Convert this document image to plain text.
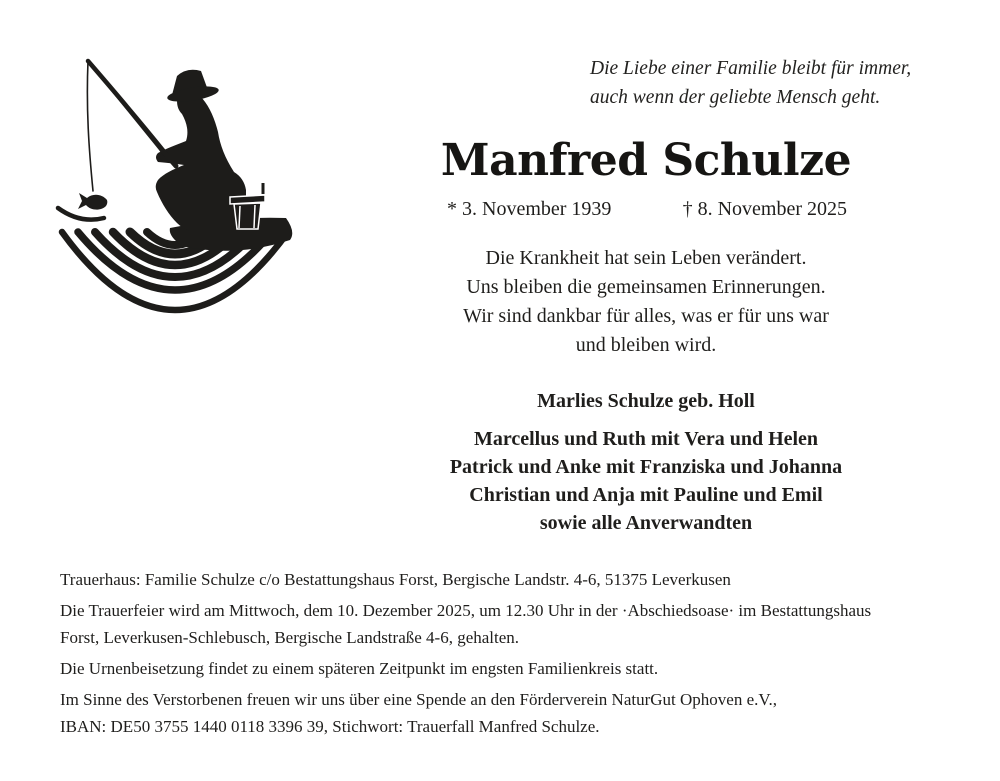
Die Liebe einer Familie bleibt für immer,
auch wenn der geliebte Mensch geht.
Manfred Schulze
* 3. November 1939	† 8. November 2025
Die Krankheit hat sein Leben verändert.
Uns bleiben die gemeinsamen Erinnerungen.
Wir sind dankbar für alles, was er für uns war
und bleiben wird.
Marlies Schulze geb. Holl
Marcellus und Ruth mit Vera und Helen
Patrick und Anke mit Franziska und Johanna
Christian und Anja mit Pauline und Emil
sowie alle Anverwandten

Trauerhaus: Familie Schulze c/o Bestattungshaus Forst, Bergische Landstr. 4-6, 51375 Leverkusen

Die Trauerfeier wird am Mittwoch, dem 10. Dezember 2025, um 12.30 Uhr in der ·Abschiedsoase· im Bestattungshaus
Forst, Leverkusen-Schlebusch, Bergische Landstraße 4-6, gehalten.

Die Urnenbeisetzung findet zu einem späteren Zeitpunkt im engsten Familienkreis statt.

Im Sinne des Verstorbenen freuen wir uns über eine Spende an den Förderverein NaturGut Ophoven e.V.,
IBAN: DE50 3755 1440 0118 3396 39, Stichwort: Trauerfall Manfred Schulze.
